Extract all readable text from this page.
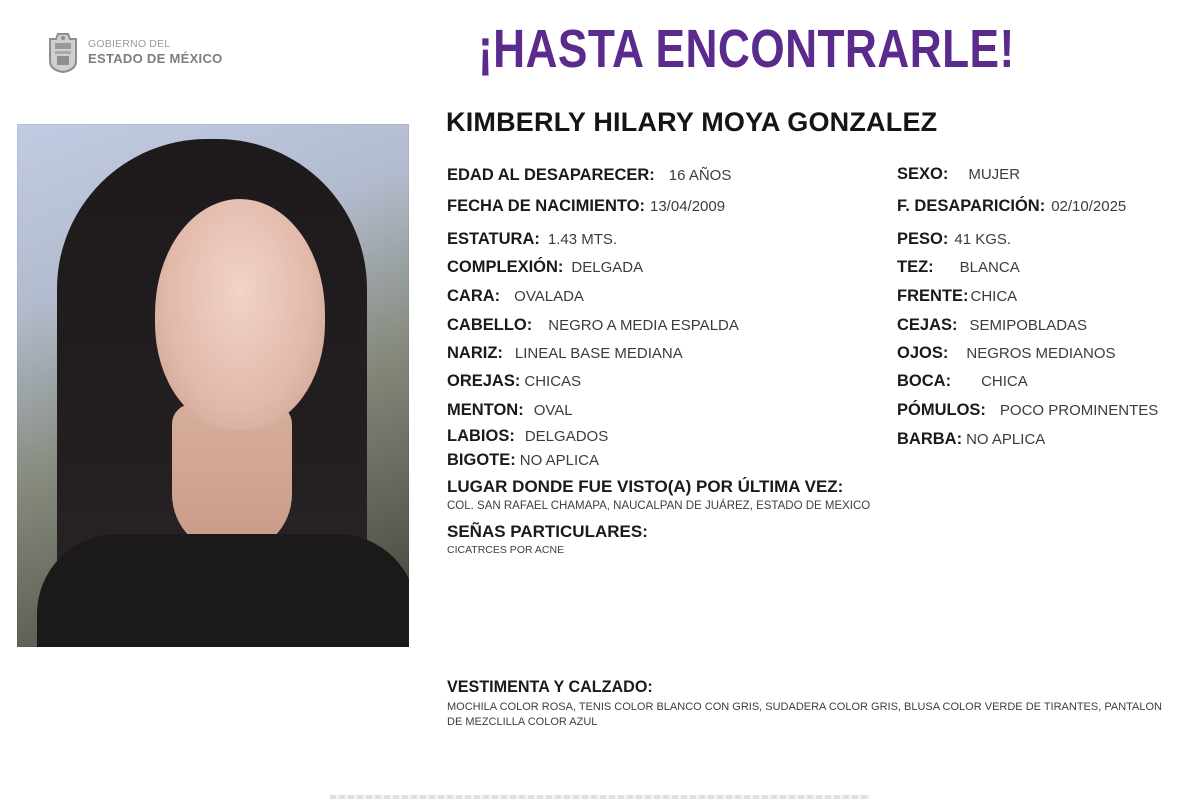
GOBIERNO DEL
ESTADO DE MÉXICO	¡HASTA ENCONTRARLE!
KIMBERLY HILARY MOYA GONZALEZ
EDAD AL DESAPARECER: 16 AÑOS
FECHA DE NACIMIENTO: 13/04/2009
ESTATURA: 1.43 MTS.
COMPLEXIÓN: DELGADA
CARA: OVALADA
CABELLO: NEGRO A MEDIA ESPALDA
NARIZ: LINEAL BASE MEDIANA
OREJAS: CHICAS
MENTON: OVAL
LABIOS: DELGADOS
BIGOTE: NO APLICA
SEXO: MUJER
F. DESAPARICIÓN: 02/10/2025
PESO: 41 KGS.
TEZ: BLANCA
FRENTE: CHICA
CEJAS: SEMIPOBLADAS
OJOS: NEGROS MEDIANOS
BOCA: CHICA
PÓMULOS: POCO PROMINENTES
BARBA: NO APLICA
LUGAR DONDE FUE VISTO(A) POR ÚLTIMA VEZ:
COL. SAN RAFAEL CHAMAPA, NAUCALPAN DE JUÁREZ, ESTADO DE MEXICO
SEÑAS PARTICULARES:
CICATRCES POR ACNE
VESTIMENTA Y CALZADO:
MOCHILA COLOR ROSA, TENIS COLOR BLANCO CON GRIS, SUDADERA COLOR GRIS, BLUSA COLOR VERDE DE TIRANTES, PANTALON DE MEZCLILLA COLOR AZUL
